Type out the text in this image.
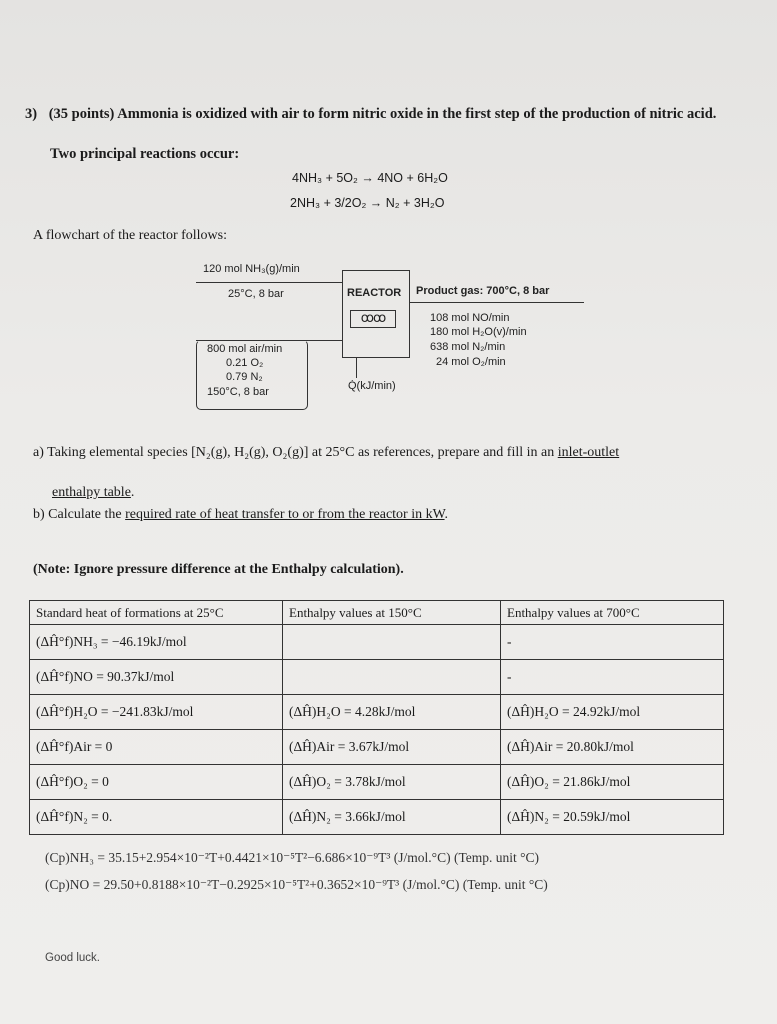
3) (35 points) Ammonia is oxidized with air to form nitric oxide in the first step of the production of nitric acid.
Two principal reactions occur:
4NH₃ + 5O₂ → 4NO + 6H₂O
2NH₃ + 3/2O₂ → N₂ + 3H₂O
A flowchart of the reactor follows:
120 mol NH₃(g)/min
25°C, 8 bar	REACTOR
ꝏꝏ
Product gas: 700°C, 8 bar
108 mol NO/min
180 mol H₂O(v)/min
638 mol N₂/min
24 mol O₂/min
800 mol air/min
0.21 O₂
0.79 N₂
150°C, 8 bar	Q̇(kJ/min)
a) Taking elemental species [N₂(g), H₂(g), O₂(g)] at 25°C as references, prepare and fill in an inlet-outlet
enthalpy table.
b) Calculate the required rate of heat transfer to or from the reactor in kW.
(Note: Ignore pressure difference at the Enthalpy calculation).
Standard heat of formations at 25°C	Enthalpy values at 150°C	Enthalpy values at 700°C
(ΔĤ°f)NH₃ = −46.19kJ/mol		-
(ΔĤ°f)NO = 90.37kJ/mol		-
(ΔĤ°f)H₂O = −241.83kJ/mol	(ΔĤ)H₂O = 4.28kJ/mol	(ΔĤ)H₂O = 24.92kJ/mol
(ΔĤ°f)Air = 0	(ΔĤ)Air = 3.67kJ/mol	(ΔĤ)Air = 20.80kJ/mol
(ΔĤ°f)O₂ = 0	(ΔĤ)O₂ = 3.78kJ/mol	(ΔĤ)O₂ = 21.86kJ/mol
(ΔĤ°f)N₂ = 0.	(ΔĤ)N₂ = 3.66kJ/mol	(ΔĤ)N₂ = 20.59kJ/mol
(Cp)NH₃ = 35.15+2.954×10⁻²T+0.4421×10⁻⁵T²−6.686×10⁻⁹T³ (J/mol.°C) (Temp. unit °C)
(Cp)NO = 29.50+0.8188×10⁻²T−0.2925×10⁻⁵T²+0.3652×10⁻⁹T³ (J/mol.°C) (Temp. unit °C)
Good luck.
